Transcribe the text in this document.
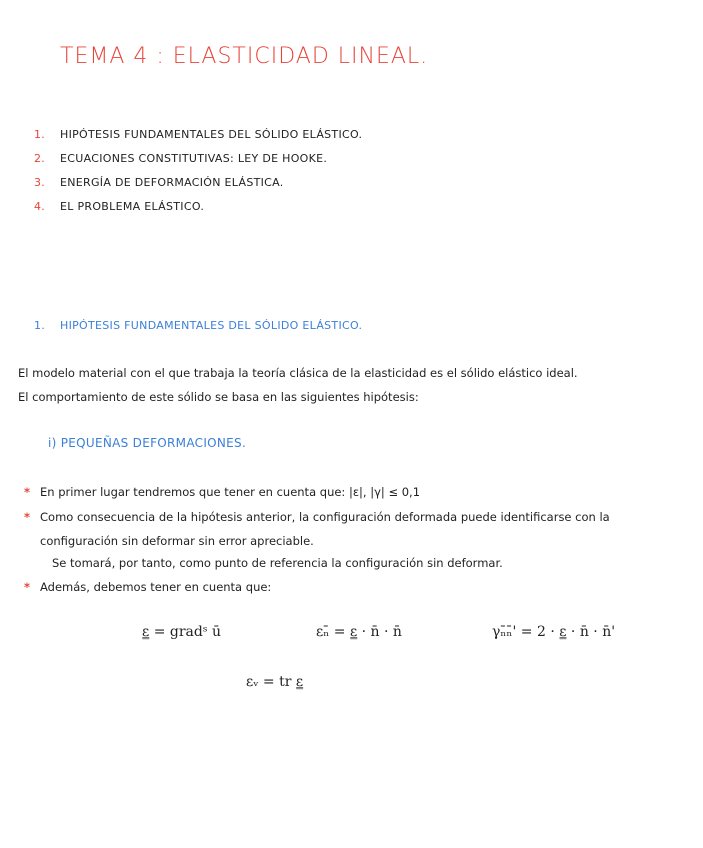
TEMA 4 : ELASTICIDAD LINEAL.
1. HIPÓTESIS FUNDAMENTALES DEL SÓLIDO ELÁSTICO.
2. ECUACIONES CONSTITUTIVAS: LEY DE HOOKE.
3. ENERGÍA DE DEFORMACIÓN ELÁSTICA.
4. EL PROBLEMA ELÁSTICO.
1. HIPÓTESIS FUNDAMENTALES DEL SÓLIDO ELÁSTICO.
El modelo material con el que trabaja la teoría clásica de la elasticidad es el sólido elástico ideal.
El comportamiento de este sólido se basa en las siguientes hipótesis:
i) PEQUEÑAS DEFORMACIONES.
* En primer lugar tendremos que tener en cuenta que: |ε|, |γ| ≤ 0,1
* Como consecuencia de la hipótesis anterior, la configuración deformada puede identificarse con la
configuración sin deformar sin error apreciable.
Se tomará, por tanto, como punto de referencia la configuración sin deformar.
* Además, debemos tener en cuenta que:
ε̳ = gradˢ ū	εₙ̄ = ε̳ · n̄ · n̄	γₙ̄ₙ̄' = 2 · ε̳ · n̄ · n̄'
εᵥ = tr ε̳
